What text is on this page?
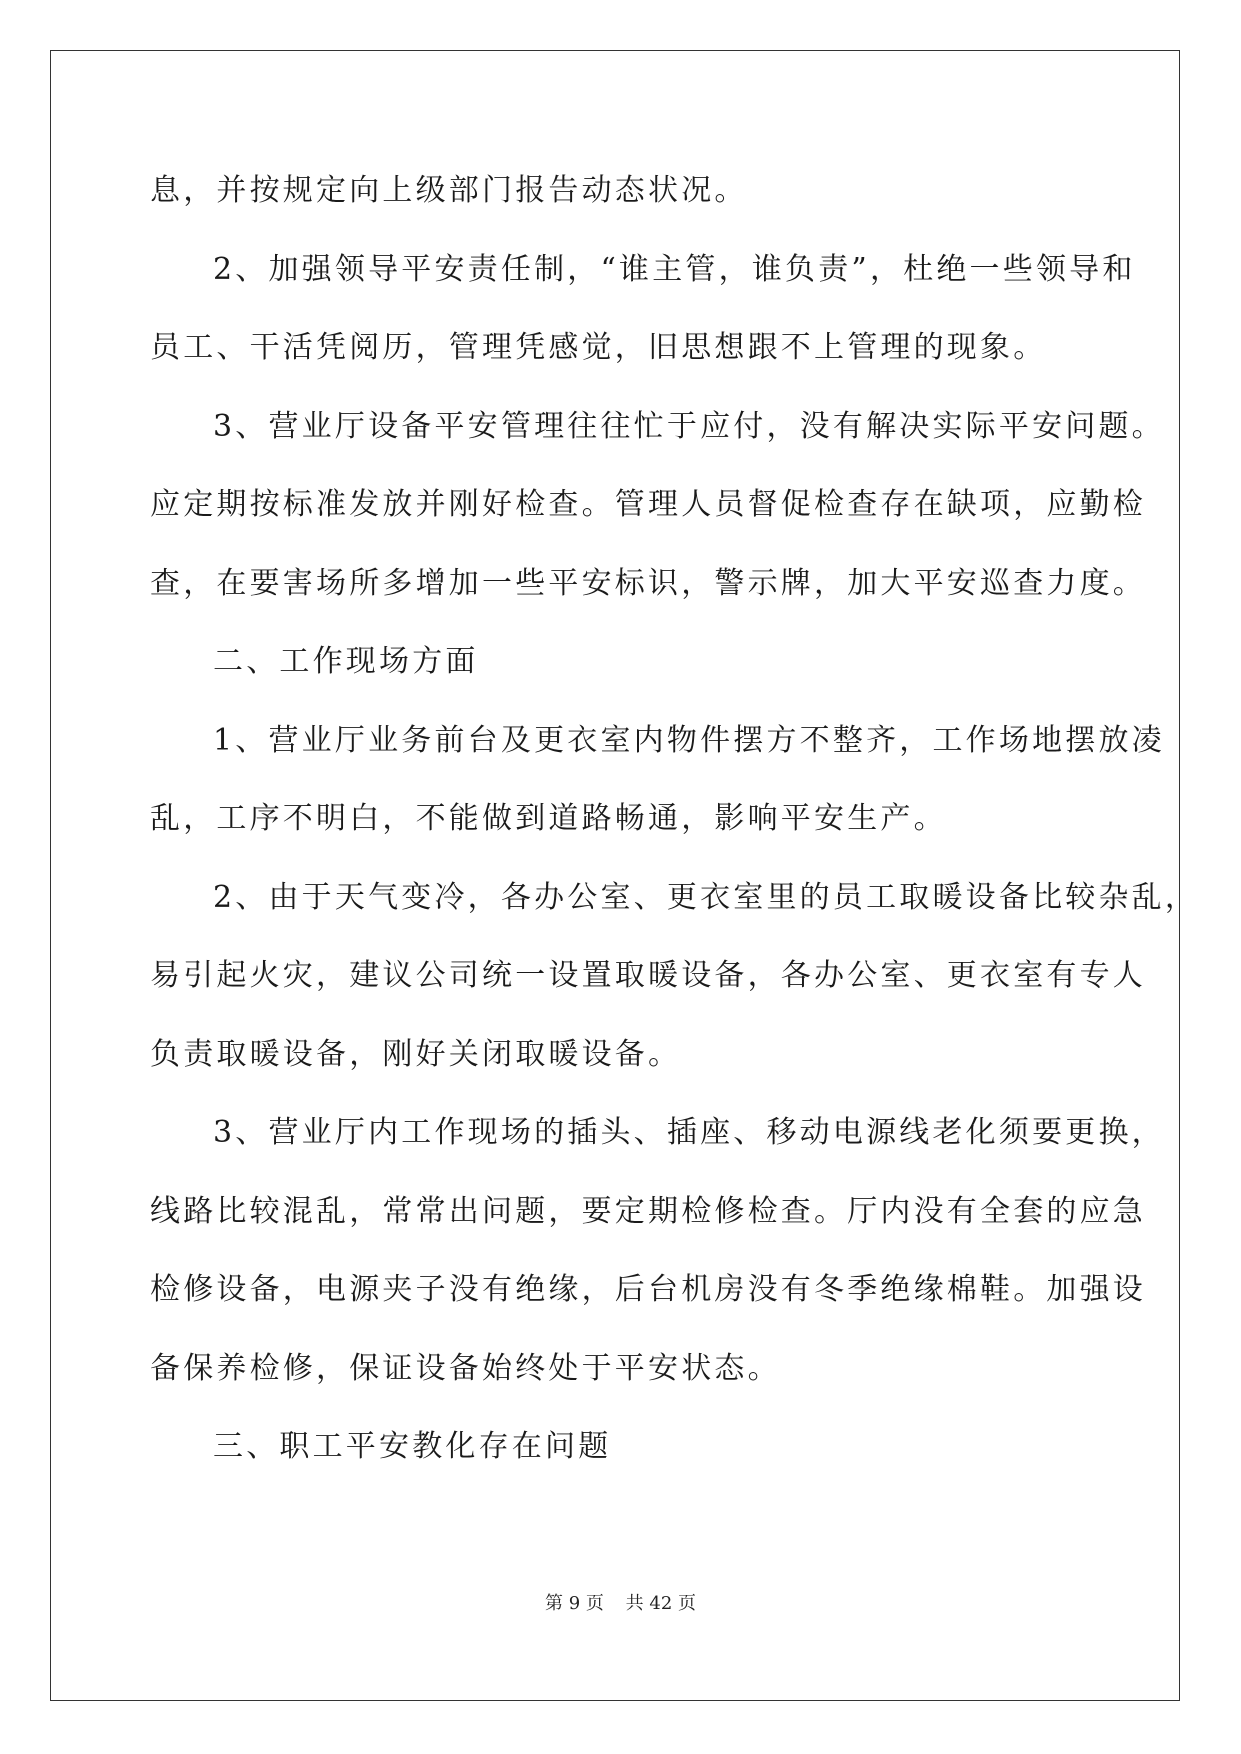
息，并按规定向上级部门报告动态状况。

2、加强领导平安责任制，“谁主管，谁负责”，杜绝一些领导和

员工、干活凭阅历，管理凭感觉，旧思想跟不上管理的现象。

3、营业厅设备平安管理往往忙于应付，没有解决实际平安问题。

应定期按标准发放并刚好检查。管理人员督促检查存在缺项，应勤检

查，在要害场所多增加一些平安标识，警示牌，加大平安巡查力度。

二、工作现场方面

1、营业厅业务前台及更衣室内物件摆方不整齐，工作场地摆放凌

乱，工序不明白，不能做到道路畅通，影响平安生产。

2、由于天气变冷，各办公室、更衣室里的员工取暖设备比较杂乱，

易引起火灾，建议公司统一设置取暖设备，各办公室、更衣室有专人

负责取暖设备，刚好关闭取暖设备。

3、营业厅内工作现场的插头、插座、移动电源线老化须要更换，

线路比较混乱，常常出问题，要定期检修检查。厅内没有全套的应急

检修设备，电源夹子没有绝缘，后台机房没有冬季绝缘棉鞋。加强设

备保养检修，保证设备始终处于平安状态。

三、职工平安教化存在问题

第 9 页 共 42 页
